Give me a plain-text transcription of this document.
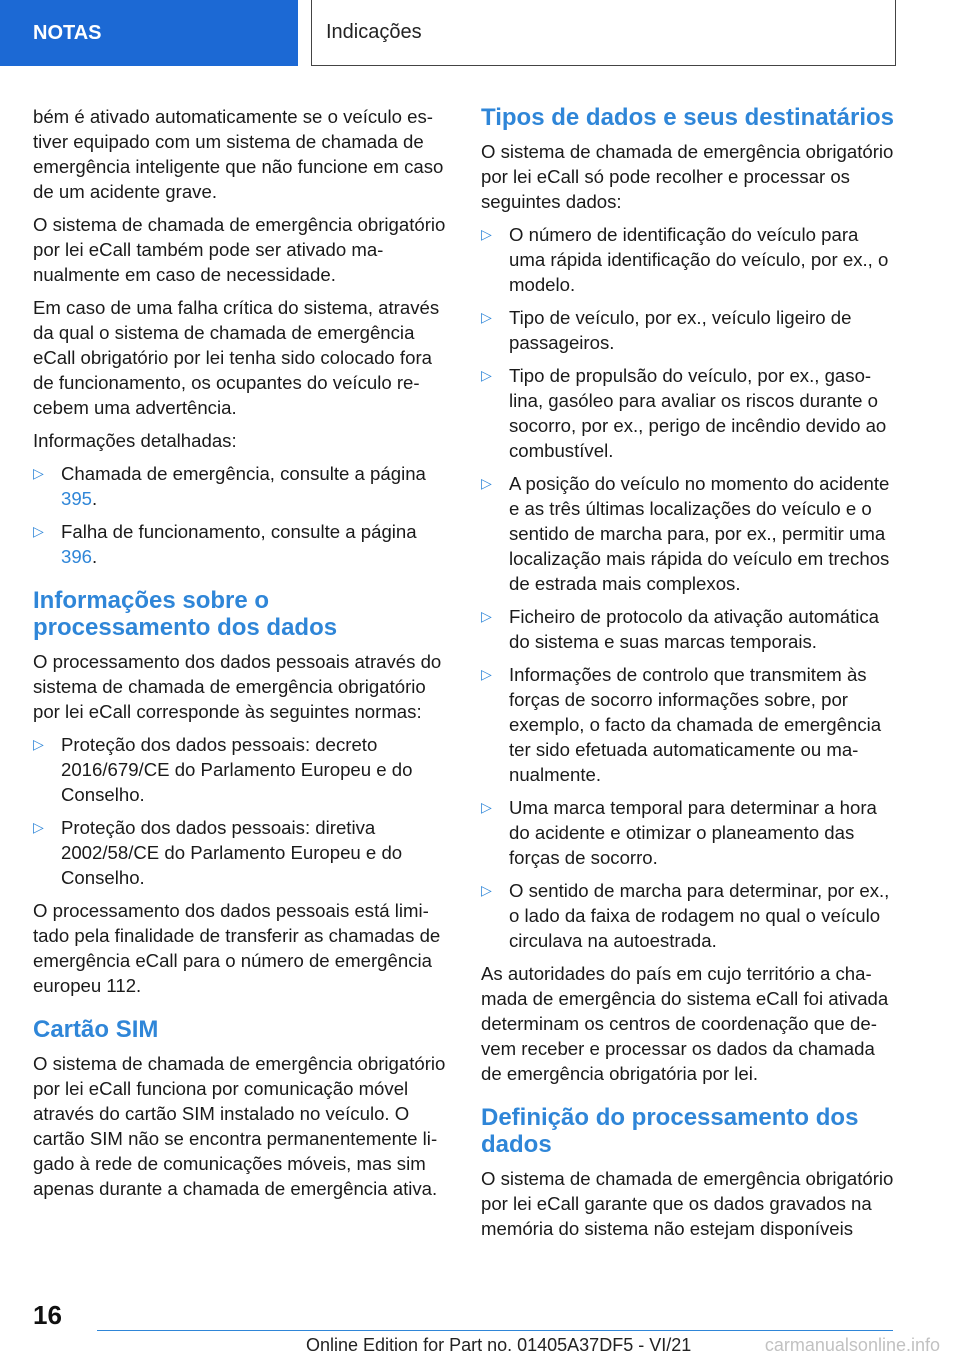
NOTAS	Indicações

bém é ativado automaticamente se o veículo estiver equipado com um sistema de chamada de emergência inteligente que não funcione em caso de um acidente grave.

O sistema de chamada de emergência obrigatório por lei eCall também pode ser ativado manualmente em caso de necessidade.

Em caso de uma falha crítica do sistema, através da qual o sistema de chamada de emergência eCall obrigatório por lei tenha sido colocado fora de funcionamento, os ocupantes do veículo recebem uma advertência.

Informações detalhadas:

▷ Chamada de emergência, consulte a página 395.
▷ Falha de funcionamento, consulte a página 396.
Informações sobre o processamento dos dados

O processamento dos dados pessoais através do sistema de chamada de emergência obrigatório por lei eCall corresponde às seguintes normas:

▷ Proteção dos dados pessoais: decreto 2016/679/CE do Parlamento Europeu e do Conselho.
▷ Proteção dos dados pessoais: diretiva 2002/58/CE do Parlamento Europeu e do Conselho.

O processamento dos dados pessoais está limitado pela finalidade de transferir as chamadas de emergência eCall para o número de emergência europeu 112.

Cartão SIM

O sistema de chamada de emergência obrigatório por lei eCall funciona por comunicação móvel através do cartão SIM instalado no veículo. O cartão SIM não se encontra permanentemente ligado à rede de comunicações móveis, mas sim apenas durante a chamada de emergência ativa.

Tipos de dados e seus destinatários

O sistema de chamada de emergência obrigatório por lei eCall só pode recolher e processar os seguintes dados:

▷ O número de identificação do veículo para uma rápida identificação do veículo, por ex., o modelo.
▷ Tipo de veículo, por ex., veículo ligeiro de passageiros.
▷ Tipo de propulsão do veículo, por ex., gasolina, gasóleo para avaliar os riscos durante o socorro, por ex., perigo de incêndio devido ao combustível.
▷ A posição do veículo no momento do acidente e as três últimas localizações do veículo e o sentido de marcha para, por ex., permitir uma localização mais rápida do veículo em trechos de estrada mais complexos.
▷ Ficheiro de protocolo da ativação automática do sistema e suas marcas temporais.
▷ Informações de controlo que transmitem às forças de socorro informações sobre, por exemplo, o facto da chamada de emergência ter sido efetuada automaticamente ou manualmente.
▷ Uma marca temporal para determinar a hora do acidente e otimizar o planeamento das forças de socorro.
▷ O sentido de marcha para determinar, por ex., o lado da faixa de rodagem no qual o veículo circulava na autoestrada.

As autoridades do país em cujo território a chamada de emergência do sistema eCall foi ativada determinam os centros de coordenação que devem receber e processar os dados da chamada de emergência obrigatória por lei.

Definição do processamento dos dados

O sistema de chamada de emergência obrigatório por lei eCall garante que os dados gravados na memória do sistema não estejam disponíveis

16
Online Edition for Part no. 01405A37DF5 - VI/21	carmanualsonline.info
